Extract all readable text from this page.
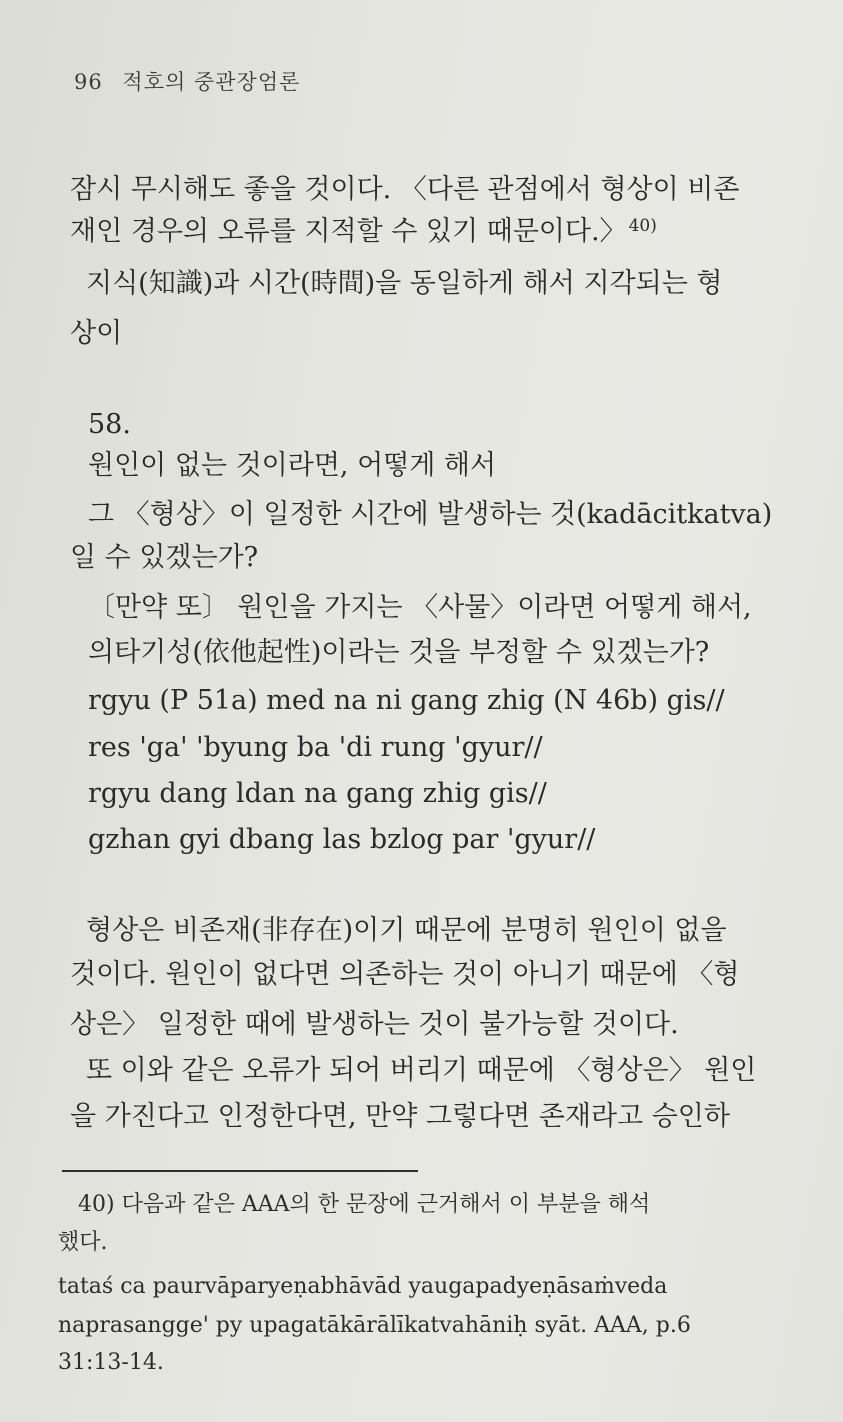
96 적호의 중관장엄론
잠시 무시해도 좋을 것이다. 〈다른 관점에서 형상이 비존
재인 경우의 오류를 지적할 수 있기 때문이다.〉 $^{40)}$
지식(知識)과 시간(時間)을 동일하게 해서 지각되는 형
상이
58.
원인이 없는 것이라면, 어떻게 해서
그 〈형상〉이 일정한 시간에 발생하는 것(kadācitkatva)
일 수 있겠는가?
〔만약 또〕 원인을 가지는 〈사물〉이라면 어떻게 해서,
의타기성(依他起性)이라는 것을 부정할 수 있겠는가?
rgyu (P 51a) med na ni gang zhig (N 46b) gis//
res 'ga' 'byung ba 'di rung 'gyur//
rgyu dang ldan na gang zhig gis//
gzhan gyi dbang las bzlog par 'gyur//
형상은 비존재(非存在)이기 때문에 분명히 원인이 없을
것이다. 원인이 없다면 의존하는 것이 아니기 때문에 〈형
상은〉 일정한 때에 발생하는 것이 불가능할 것이다.
또 이와 같은 오류가 되어 버리기 때문에 〈형상은〉 원인
을 가진다고 인정한다면, 만약 그렇다면 존재라고 승인하
40) 다음과 같은 AAA의 한 문장에 근거해서 이 부분을 해석
했다.
tataś ca paurvāparyeṇabhāvād yaugapadyeṇāsaṁveda
naprasangge' py upagatākārālīkatvahāniḥ syāt. AAA, p.6
31:13-14.
